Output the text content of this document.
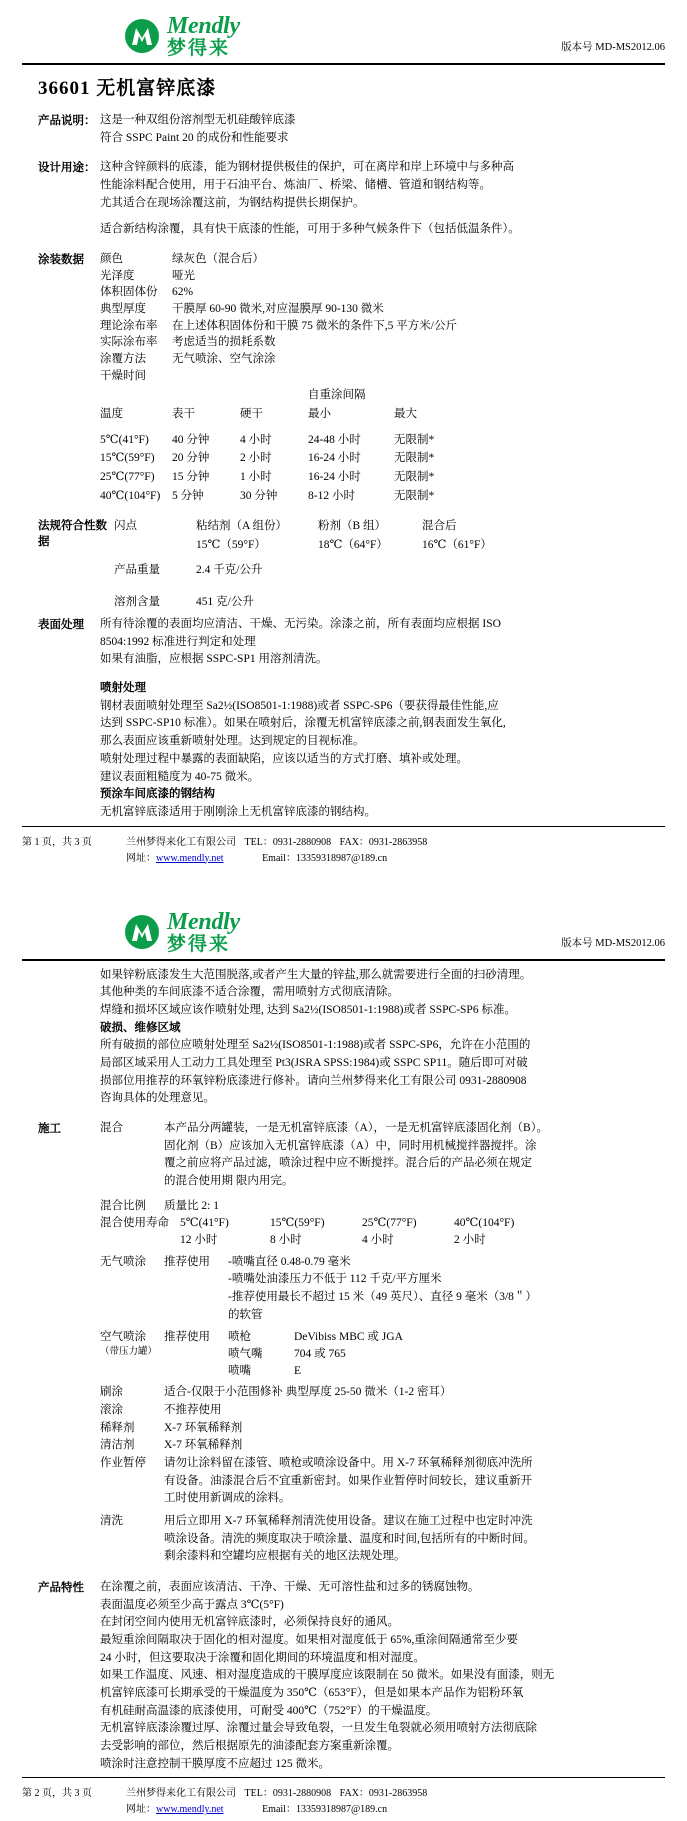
Mendly
梦得来	版本号 MD-MS2012.06
36601 无机富锌底漆
产品说明： 这是一种双组份溶剂型无机硅酸锌底漆

符合 SSPC Paint 20 的成份和性能要求

设计用途： 这种含锌颜料的底漆，能为钢材提供极佳的保护，可在离岸和岸上环境中与多种高

性能涂料配合使用，用于石油平台、炼油厂、桥梁、储槽、管道和钢结构等。

尤其适合在现场涂覆这前，为钢结构提供长期保护。

适合新结构涂覆，具有快干底漆的性能，可用于多种气候条件下（包括低温条件）。

涂装数据	颜色	绿灰色（混合后）
光泽度	哑光
体积固体份	62%
典型厚度	干膜厚 60-90 微米,对应湿膜厚 90-130 微米
理论涂布率	在上述体积固体份和干膜 75 微米的条件下,5 平方米/公斤
实际涂布率	考虑适当的损耗系数
涂覆方法	无气喷涂、空气涂涂
干燥时间
			自重涂间隔	
温度	表干	硬干	最小	最大

5℃(41°F)	40 分钟	4 小时	24-48 小时	无限制*
15℃(59°F)	20 分钟	2 小时	16-24 小时	无限制*
25℃(77°F)	15 分钟	1 小时	16-24 小时	无限制*
40℃(104°F)	5 分钟	30 分钟	8-12 小时	无限制*
法规符合性数据
闪点	粘结剂（A 组份）	粉剂（B 组）	混合后
	15℃（59°F）	18℃（64°F）	16℃（61°F）

产品重量	2.4 千克/公升		

溶剂含量	451 克/公升		
表面处理	所有待涂覆的表面均应清洁、干燥、无污染。涂漆之前，所有表面均应根据 ISO

8504:1992 标准进行判定和处理

如果有油脂，应根据 SSPC-SP1 用溶剂清洗。

喷射处理

钢材表面喷射处理至 Sa2½(ISO8501-1:1988)或者 SSPC-SP6（要获得最佳性能,应

达到 SSPC-SP10 标准）。如果在喷射后，涂覆无机富锌底漆之前,钢表面发生氧化,

那么表面应该重新喷射处理。达到规定的目视标准。

喷射处理过程中暴露的表面缺陷，应该以适当的方式打磨、填补或处理。

建议表面粗糙度为 40-75 微米。

预涂车间底漆的钢结构

无机富锌底漆适用于刚刚涂上无机富锌底漆的钢结构。

第 1 页，共 3 页	兰州梦得来化工有限公司 TEL：0931-2880908 FAX：0931-2863958
网址：www.mendly.net	Email：13359318987@189.cn
Mendly
梦得来	版本号 MD-MS2012.06

如果锌粉底漆发生大范围脱落,或者产生大量的锌盐,那么就需要进行全面的扫砂清理。

其他种类的车间底漆不适合涂覆，需用喷射方式彻底清除。

焊缝和损坏区域应该作喷射处理, 达到 Sa2½(ISO8501-1:1988)或者 SSPC-SP6 标准。

破损、维修区域

所有破损的部位应喷射处理至 Sa2½(ISO8501-1:1988)或者 SSPC-SP6，允许在小范围的

局部区域采用人工动力工具处理至 Pt3(JSRA SPSS:1984)或 SSPC SP11。随后即可对破

损部位用推荐的环氧锌粉底漆进行修补。请向兰州梦得来化工有限公司 0931-2880908

咨询具体的处理意见。

施工	混合	本产品分两罐装，一是无机富锌底漆（A），一是无机富锌底漆固化剂（B）。

固化剂（B）应该加入无机富锌底漆（A）中，同时用机械搅拌器搅拌。涂

覆之前应将产品过滤，喷涂过程中应不断搅拌。混合后的产品必须在规定

的混合使用期 限内用完。

混合比例	质量比 2: 1
混合使用寿命 5℃(41°F)	15℃(59°F)	25℃(77°F)	40℃(104°F)
12 小时	8 小时	4 小时	2 小时
无气喷涂	推荐使用	-喷嘴直径 0.48-0.79 毫米

-喷嘴处油漆压力不低于 112 千克/平方厘米

-推荐使用最长不超过 15 米（49 英尺）、直径 9 毫米（3/8＂）

的软管

空气喷涂
（带压力罐）
推荐使用	喷枪	DeVibiss MBC 或 JGA
喷气嘴	704 或 765
喷嘴	E
刷涂	适合-仅限于小范围修补 典型厚度 25-50 微米（1-2 密耳）
滚涂	不推荐使用
稀释剂	X-7 环氧稀释剂
清洁剂	X-7 环氧稀释剂
作业暂停	请勿让涂料留在漆管、喷枪或喷涂设备中。用 X-7 环氧稀释剂彻底冲洗所

有设备。油漆混合后不宜重新密封。如果作业暂停时间较长，建议重新开

工时使用新调成的涂料。

清洗	用后立即用 X-7 环氧稀释剂清洗使用设备。建议在施工过程中也定时冲洗

喷涂设备。清洗的频度取决于喷涂量、温度和时间,包括所有的中断时间。

剩余漆料和空罐均应根据有关的地区法规处理。

产品特性	在涂覆之前，表面应该清洁、干净、干燥、无可溶性盐和过多的锈腐蚀物。

表面温度必须至少高于露点 3℃(5°F)

在封闭空间内使用无机富锌底漆时，必须保持良好的通风。

最短重涂间隔取决于固化的相对湿度。如果相对湿度低于 65%,重涂间隔通常至少要

24 小时，但这要取决于涂覆和固化期间的环境温度和相对湿度。

如果工作温度、风速、相对湿度造成的干膜厚度应该限制在 50 微米。如果没有面漆，则无

机富锌底漆可长期承受的干燥温度为 350℃（653°F），但是如果本产品作为铝粉环氧

有机硅耐高温漆的底漆使用，可耐受 400℃（752°F）的干燥温度。

无机富锌底漆涂覆过厚、涂覆过量会导致龟裂，一旦发生龟裂就必须用喷射方法彻底除

去受影响的部位，然后根据原先的油漆配套方案重新涂覆。

喷涂时注意控制干膜厚度不应超过 125 微米。

第 2 页，共 3 页	兰州梦得来化工有限公司 TEL：0931-2880908 FAX：0931-2863958
网址：www.mendly.net	Email：13359318987@189.cn
